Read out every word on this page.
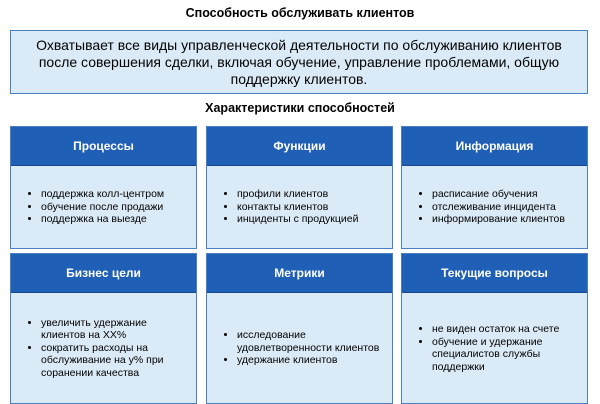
Способность обслуживать клиентов
Охватывает все виды управленческой деятельности по обслуживанию клиентов после совершения сделки, включая обучение, управление проблемами, общую поддержку клиентов.
Характеристики способностей
Процессы
• поддержка колл-центром
• обучение после продажи
• поддержка на выезде
Функции
• профили клиентов
• контакты клиентов
• инциденты с продукцией
Информация
• расписание обучения
• отслеживание инцидента
• информирование клиентов
Бизнес цели
• увеличить удержание клиентов на XX%
• сократить расходы на обслуживание на y% при соранении качества
Метрики
• исследование удовлетворенности клиентов
• удержание клиентов
Текущие вопросы
• не виден остаток на счете
• обучение и удержание специалистов службы поддержки
